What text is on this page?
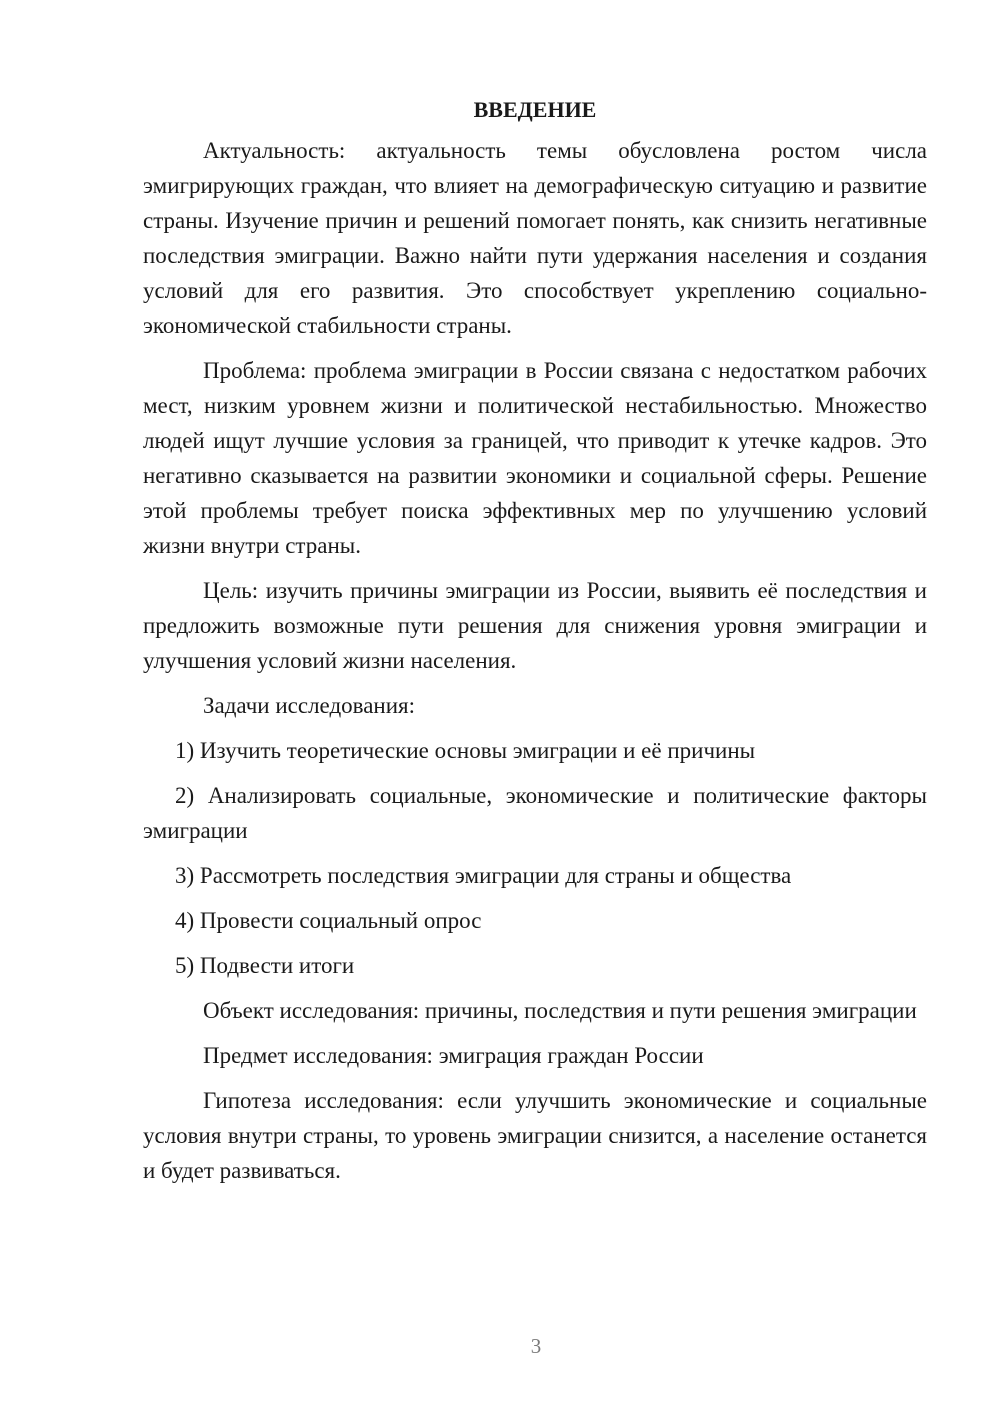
ВВЕДЕНИЕ

Актуальность: актуальность темы обусловлена ростом числа эмигрирующих граждан, что влияет на демографическую ситуацию и развитие страны. Изучение причин и решений помогает понять, как снизить негативные последствия эмиграции. Важно найти пути удержания населения и создания условий для его развития. Это способствует укреплению социально-экономической стабильности страны.

Проблема: проблема эмиграции в России связана с недостатком рабочих мест, низким уровнем жизни и политической нестабильностью. Множество людей ищут лучшие условия за границей, что приводит к утечке кадров. Это негативно сказывается на развитии экономики и социальной сферы. Решение этой проблемы требует поиска эффективных мер по улучшению условий жизни внутри страны.

Цель: изучить причины эмиграции из России, выявить её последствия и предложить возможные пути решения для снижения уровня эмиграции и улучшения условий жизни населения.

Задачи исследования:

1) Изучить теоретические основы эмиграции и её причины

2) Анализировать социальные, экономические и политические факторы эмиграции

3) Рассмотреть последствия эмиграции для страны и общества

4) Провести социальный опрос

5) Подвести итоги

Объект исследования: причины, последствия и пути решения эмиграции

Предмет исследования: эмиграция граждан России

Гипотеза исследования: если улучшить экономические и социальные условия внутри страны, то уровень эмиграции снизится, а население останется и будет развиваться.

3
